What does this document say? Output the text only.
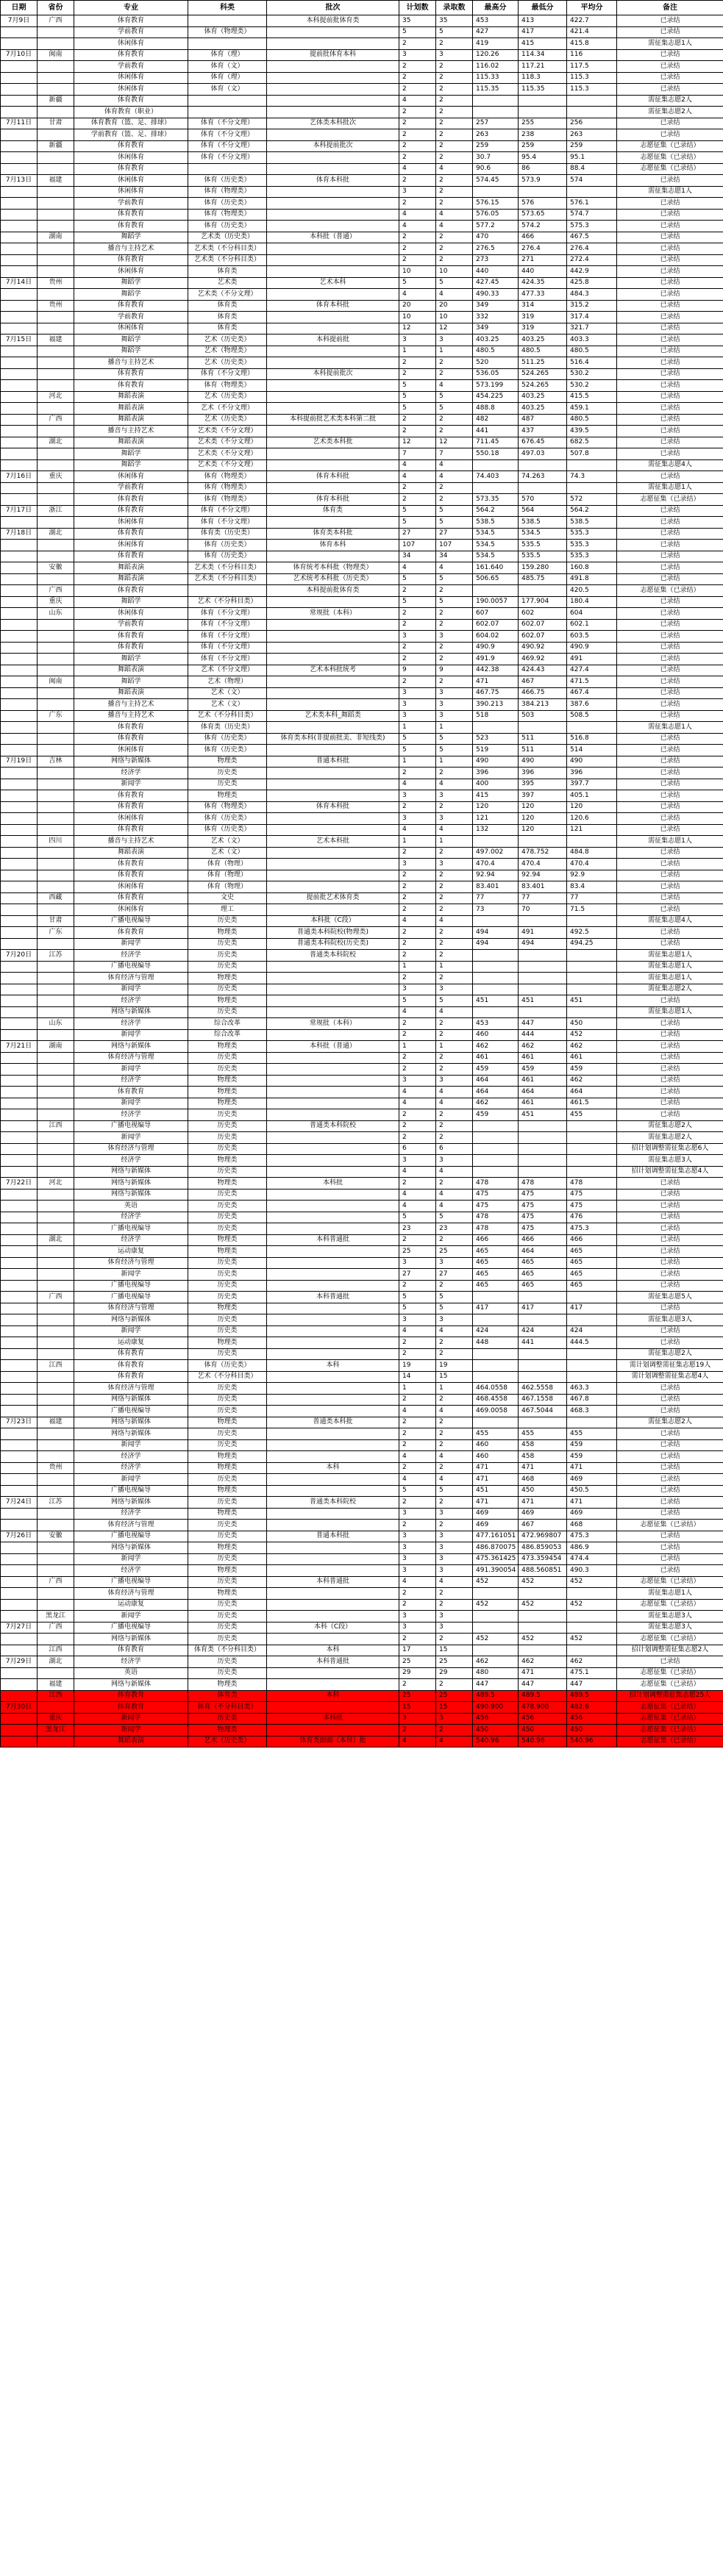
日期	省份	专业	科类	批次	计划数	录取数	最高分	最低分	平均分	备注
7月9日	广西	体育教育		本科提前批体育类	35	35	453	413	422.7	已录结
		学前教育	体育（物理类）		5	5	427	417	421.4	已录结
		休闲体育			2	2	419	415	415.8	需征集志愿1人
7月10日	闽南	体育教育	体育（理）	提前批体育本科	3	3	120.26	114.34	116	已录结
		学前教育	体育（文）		2	2	116.02	117.21	117.5	已录结
		休闲体育	体育（理）		2	2	115.33	118.3	115.3	已录结
		休闲体育	体育（文）		2	2	115.35	115.35	115.3	已录结
	新疆	体育教育			4	2				需征集志愿2人
		体育教育（职业）			2	2				需征集志愿2人
7月11日	甘肃	体育教育（篮、足、排球）	体育（不分文理）	艺体类本科批次	2	2	257	255	256	已录结
		学前教育（篮、足、排球）	体育（不分文理）		2	2	263	238	263	已录结
	新疆	体育教育	体育（不分文理）	本科提前批次	2	2	259	259	259	志愿征集（已录结）
		休闲体育	体育（不分文理）		2	2	30.7	95.4	95.1	志愿征集（已录结）
		体育教育			4	4	90.6	86	88.4	志愿征集（已录结）
7月13日	福建	休闲体育	体育（历史类）	体育本科批	2	2	574.45	573.9	574	已录结
		休闲体育	体育（物理类）		3	2				需征集志愿1人
		学前教育	体育（历史类）		2	2	576.15	576	576.1	已录结
		体育教育	体育（物理类）		4	4	576.05	573.65	574.7	已录结
		体育教育	体育（历史类）		4	4	577.2	574.2	575.3	已录结
	湖南	舞蹈学	艺术类（历史类）	本科批（普通）	2	2	470	466	467.5	已录结
		播音与主持艺术	艺术类（不分科目类）		2	2	276.5	276.4	276.4	已录结
		体育教育	艺术类（不分科目类）		2	2	273	271	272.4	已录结
		休闲体育	体育类		10	10	440	440	442.9	已录结
7月14日	贵州	舞蹈学	艺术类	艺术本科	5	5	427.45	424.35	425.8	已录结
		舞蹈学	艺术类（不分文理）		4	4	490.33	477.33	484.3	已录结
	贵州	体育教育	体育类	体育本科批	20	20	349	314	315.2	已录结
		学前教育	体育类		10	10	332	319	317.4	已录结
		休闲体育	体育类		12	12	349	319	321.7	已录结
7月15日	福建	舞蹈学	艺术（历史类）	本科提前批	3	3	403.25	403.25	403.3	已录结
		舞蹈学	艺术（物理类）		1	1	480.5	480.5	480.5	已录结
		播音与主持艺术	艺术（历史类）		2	2	520	511.25	516.4	已录结
		体育教育	体育（不分文理）	本科提前批次	2	2	536.05	524.265	530.2	已录结
		体育教育	体育（物理类）		5	4	573.199	524.265	530.2	已录结
	河北	舞蹈表演	艺术（历史类）		5	5	454.225	403.25	415.5	已录结
		舞蹈表演	艺术（不分文理）		5	5	488.8	403.25	459.1	已录结
	广西	舞蹈表演	艺术（历史类）	本科提前批艺术类本科第二批	2	2	482	487	480.5	已录结
		播音与主持艺术	艺术类（不分文理）		2	2	441	437	439.5	已录结
	湖北	舞蹈表演	艺术类（不分文理）	艺术类本科批	12	12	711.45	676.45	682.5	已录结
		舞蹈学	艺术类（不分文理）		7	7	550.18	497.03	507.8	已录结
		舞蹈学	艺术类（不分文理）		4	4				需征集志愿4人
7月16日	重庆	休闲体育	体育（物理类）	体育本科批	4	4	74.403	74.263	74.3	已录结
		学前教育	体育（物理类）		2	2				需征集志愿1人
		体育教育	体育（物理类）	体育本科批	2	2	573.35	570	572	志愿征集（已录结）
7月17日	浙江	体育教育	体育（不分文理）	体育类	5	5	564.2	564	564.2	已录结
		休闲体育	体育（不分文理）		5	5	538.5	538.5	538.5	已录结
7月18日	湖北	体育教育	体育类（历史类）	体育类本科批	27	27	534.5	534.5	535.3	已录结
		休闲体育	体育（历史类）	体育本科	107	107	534.5	535.5	535.3	已录结
		体育教育	体育（历史类）		34	34	534.5	535.5	535.3	已录结
	安徽	舞蹈表演	艺术类（不分科目类）	体育统考本科批（物理类）	4	4	161.640	159.280	160.8	已录结
		舞蹈表演	艺术类（不分科目类）	艺术统考本科批（历史类）	5	5	506.65	485.75	491.8	已录结
	广西	体育教育		本科提前批体育类	2	2			420.5	志愿征集（已录结）
	重庆	舞蹈学	艺术（不分科目类）		5	5	190.0057	177.904	180.4	已录结
	山东	休闲体育	体育（不分文理）	常规批（本科）	2	2	607	602	604	已录结
		学前教育	体育（不分文理）		2	2	602.07	602.07	602.1	已录结
		体育教育	体育（不分文理）		3	3	604.02	602.07	603.5	已录结
		体育教育	体育（不分文理）		2	2	490.9	490.92	490.9	已录结
		舞蹈学	体育（不分文理）		2	2	491.9	469.92	491	已录结
		舞蹈表演	艺术（不分文理）	艺术本科批统考	9	9	442.38	424.43	427.4	已录结
	闽南	舞蹈学	艺术（物理）		2	2	471	467	471.5	已录结
		舞蹈表演	艺术（文）		3	3	467.75	466.75	467.4	已录结
		播音与主持艺术	艺术（文）		3	3	390.213	384.213	387.6	已录结
	广东	播音与主持艺术	艺术（不分科目类）	艺术类本科_舞蹈类	3	3	518	503	508.5	已录结
		体育教育	体育类（历史类）		1	1				需征集志愿1人
		体育教育	体育（历史类）	体育类本科(非提前批美、非短线类)	5	5	523	511	516.8	已录结
		休闲体育	体育（历史类）		5	5	519	511	514	已录结
7月19日	吉林	网络与新媒体	物理类	普通本科批	1	1	490	490	490	已录结
		经济学	历史类		2	2	396	396	396	已录结
		新闻学	历史类		4	4	400	395	397.7	已录结
		体育教育	物理类		3	3	415	397	405.1	已录结
		体育教育	体育（物理类）	体育本科批	2	2	120	120	120	已录结
		休闲体育	体育（历史类）		3	3	121	120	120.6	已录结
		体育教育	体育（历史类）		4	4	132	120	121	已录结
	四川	播音与主持艺术	艺术（文）	艺术本科批	1	1				需征集志愿1人
		舞蹈表演	艺术（文）		2	2	497.002	478.752	484.8	已录结
		体育教育	体育（物理）		3	3	470.4	470.4	470.4	已录结
		体育教育	体育（物理）		2	2	92.94	92.94	92.9	已录结
		休闲体育	体育（物理）		2	2	83.401	83.401	83.4	已录结
	西藏	体育教育	文史	提前批艺术体育类	2	2	77	77	77	已录结
		休闲体育	理工		2	2	73	70	71.5	已录结
	甘肃	广播电视编导	历史类	本科批（C段）	4	4				需征集志愿4人
	广东	体育教育	物理类	普通类本科院校(物理类)	2	2	494	491	492.5	已录结
		新闻学	历史类	普通类本科院校(历史类)	2	2	494	494	494.25	已录结
7月20日	江苏	经济学	历史类	普通类本科院校	2	2				需征集志愿1人
		广播电视编导	历史类		1	1				需征集志愿1人
		体育经济与管理	物理类		2	2				需征集志愿1人
		新闻学	历史类		3	3				需征集志愿2人
		经济学	物理类		5	5	451	451	451	已录结
		网络与新媒体	历史类		4	4				需征集志愿1人
	山东	经济学	综合改革	常规批（本科）	2	2	453	447	450	已录结
		新闻学	综合改革		2	2	460	444	452	已录结
7月21日	湖南	网络与新媒体	物理类	本科批（普通）	1	1	462	462	462	已录结
		体育经济与管理	历史类		2	2	461	461	461	已录结
		新闻学	历史类		2	2	459	459	459	已录结
		经济学	物理类		3	3	464	461	462	已录结
		体育教育	物理类		4	4	464	464	464	已录结
		新闻学	物理类		4	4	462	461	461.5	已录结
		经济学	历史类		2	2	459	451	455	已录结
	江西	广播电视编导	历史类	普通类本科院校	2	2				需征集志愿2人
		新闻学	历史类		2	2				需征集志愿2人
		体育经济与管理	历史类		6	6				招计划调整需征集志愿6人
		经济学	物理类		3	3				需征集志愿3人
		网络与新媒体	历史类		4	4				招计划调整需征集志愿4人
7月22日	河北	网络与新媒体	物理类	本科批	2	2	478	478	478	已录结
		网络与新媒体	历史类		4	4	475	475	475	已录结
		英语	历史类		4	4	475	475	475	已录结
		经济学	历史类		5	5	478	475	476	已录结
		广播电视编导	历史类		23	23	478	475	475.3	已录结
	湖北	经济学	物理类	本科普通批	2	2	466	466	466	已录结
		运动康复	物理类		25	25	465	464	465	已录结
		体育经济与管理	历史类		3	3	465	465	465	已录结
		新闻学	历史类		27	27	465	465	465	已录结
		广播电视编导	历史类		2	2	465	465	465	已录结
	广西	广播电视编导	历史类	本科普通批	5	5				需征集志愿5人
		体育经济与管理	物理类		5	5	417	417	417	已录结
		网络与新媒体	历史类		3	3				需征集志愿3人
		新闻学	历史类		4	4	424	424	424	已录结
		运动康复	物理类		2	2	448	441	444.5	已录结
		体育教育	历史类		2	2				需征集志愿2人
	江西	体育教育	体育（历史类）	本科	19	19				需计划调整需征集志愿19人
		体育教育	艺术（不分科目类）		14	15				需计划调整需征集志愿4人
		体育经济与管理	历史类		1	1	464.0558	462.5558	463.3	已录结
		网络与新媒体	历史类		2	2	468.4558	467.1558	467.8	已录结
		广播电视编导	历史类		4	4	469.0058	467.5044	468.3	已录结
7月23日	福建	网络与新媒体	物理类	普通类本科批	2	2				需征集志愿2人
		网络与新媒体	历史类		2	2	455	455	455	已录结
		新闻学	历史类		2	2	460	458	459	已录结
		经济学	物理类		4	4	460	458	459	已录结
	贵州	经济学	物理类	本科	2	2	471	471	471	已录结
		新闻学	历史类		4	4	471	468	469	已录结
		广播电视编导	物理类		5	5	451	450	450.5	已录结
7月24日	江苏	网络与新媒体	历史类	普通类本科院校	2	2	471	471	471	已录结
		经济学	物理类		3	3	469	469	469	已录结
		体育经济与管理	历史类		2	2	469	467	468	志愿征集（已录结）
7月26日	安徽	广播电视编导	历史类	普通本科批	3	3	477.161051	472.969807	475.3	已录结
		网络与新媒体	物理类		3	3	486.870075	486.859053	486.9	已录结
		新闻学	历史类		3	3	475.361425	473.359454	474.4	已录结
		经济学	物理类		3	3	491.390054	488.560851	490.3	已录结
	广西	广播电视编导	历史类	本科普通批	4	4	452	452	452	志愿征集（已录结）
		体育经济与管理	物理类		2	2				需征集志愿1人
		运动康复	历史类		2	2	452	452	452	志愿征集（已录结）
	黑龙江	新闻学	历史类		3	3				需征集志愿3人
7月27日	广西	广播电视编导	历史类	本科（C段）	3	3				需征集志愿3人
		网络与新媒体	历史类		2	2	452	452	452	志愿征集（已录结）
	江西	体育教育	体育类（不分科目类）	本科	17	15				招计划调整需征集志愿2人
7月29日	湖北	经济学	历史类	本科普通批	25	25	462	462	462	已录结
		英语	历史类		29	29	480	471	475.1	志愿征集（已录结）
	福建	网络与新媒体	物理类		2	2	447	447	447	志愿征集（已录结）
	江西	体育教育	体育类	本科	25	25	489.5	489.5	489.5	招计划调整需征集志愿25人
7月30日		体育教育	体育（不分科目类）		15	15	490.900	478.900	482.6	志愿征集（已录结）
	重庆	新闻学	历史类	本科批	3	3	456	456	456	志愿征集（已录结）
	黑龙江	新闻学	物理类		2	2	450	450	450	志愿征集（已录结）
		舞蹈表演	艺术（历史类）	体育类面面（本科）批	4	4	540.96	540.96	540.96	志愿征集（已录结）
